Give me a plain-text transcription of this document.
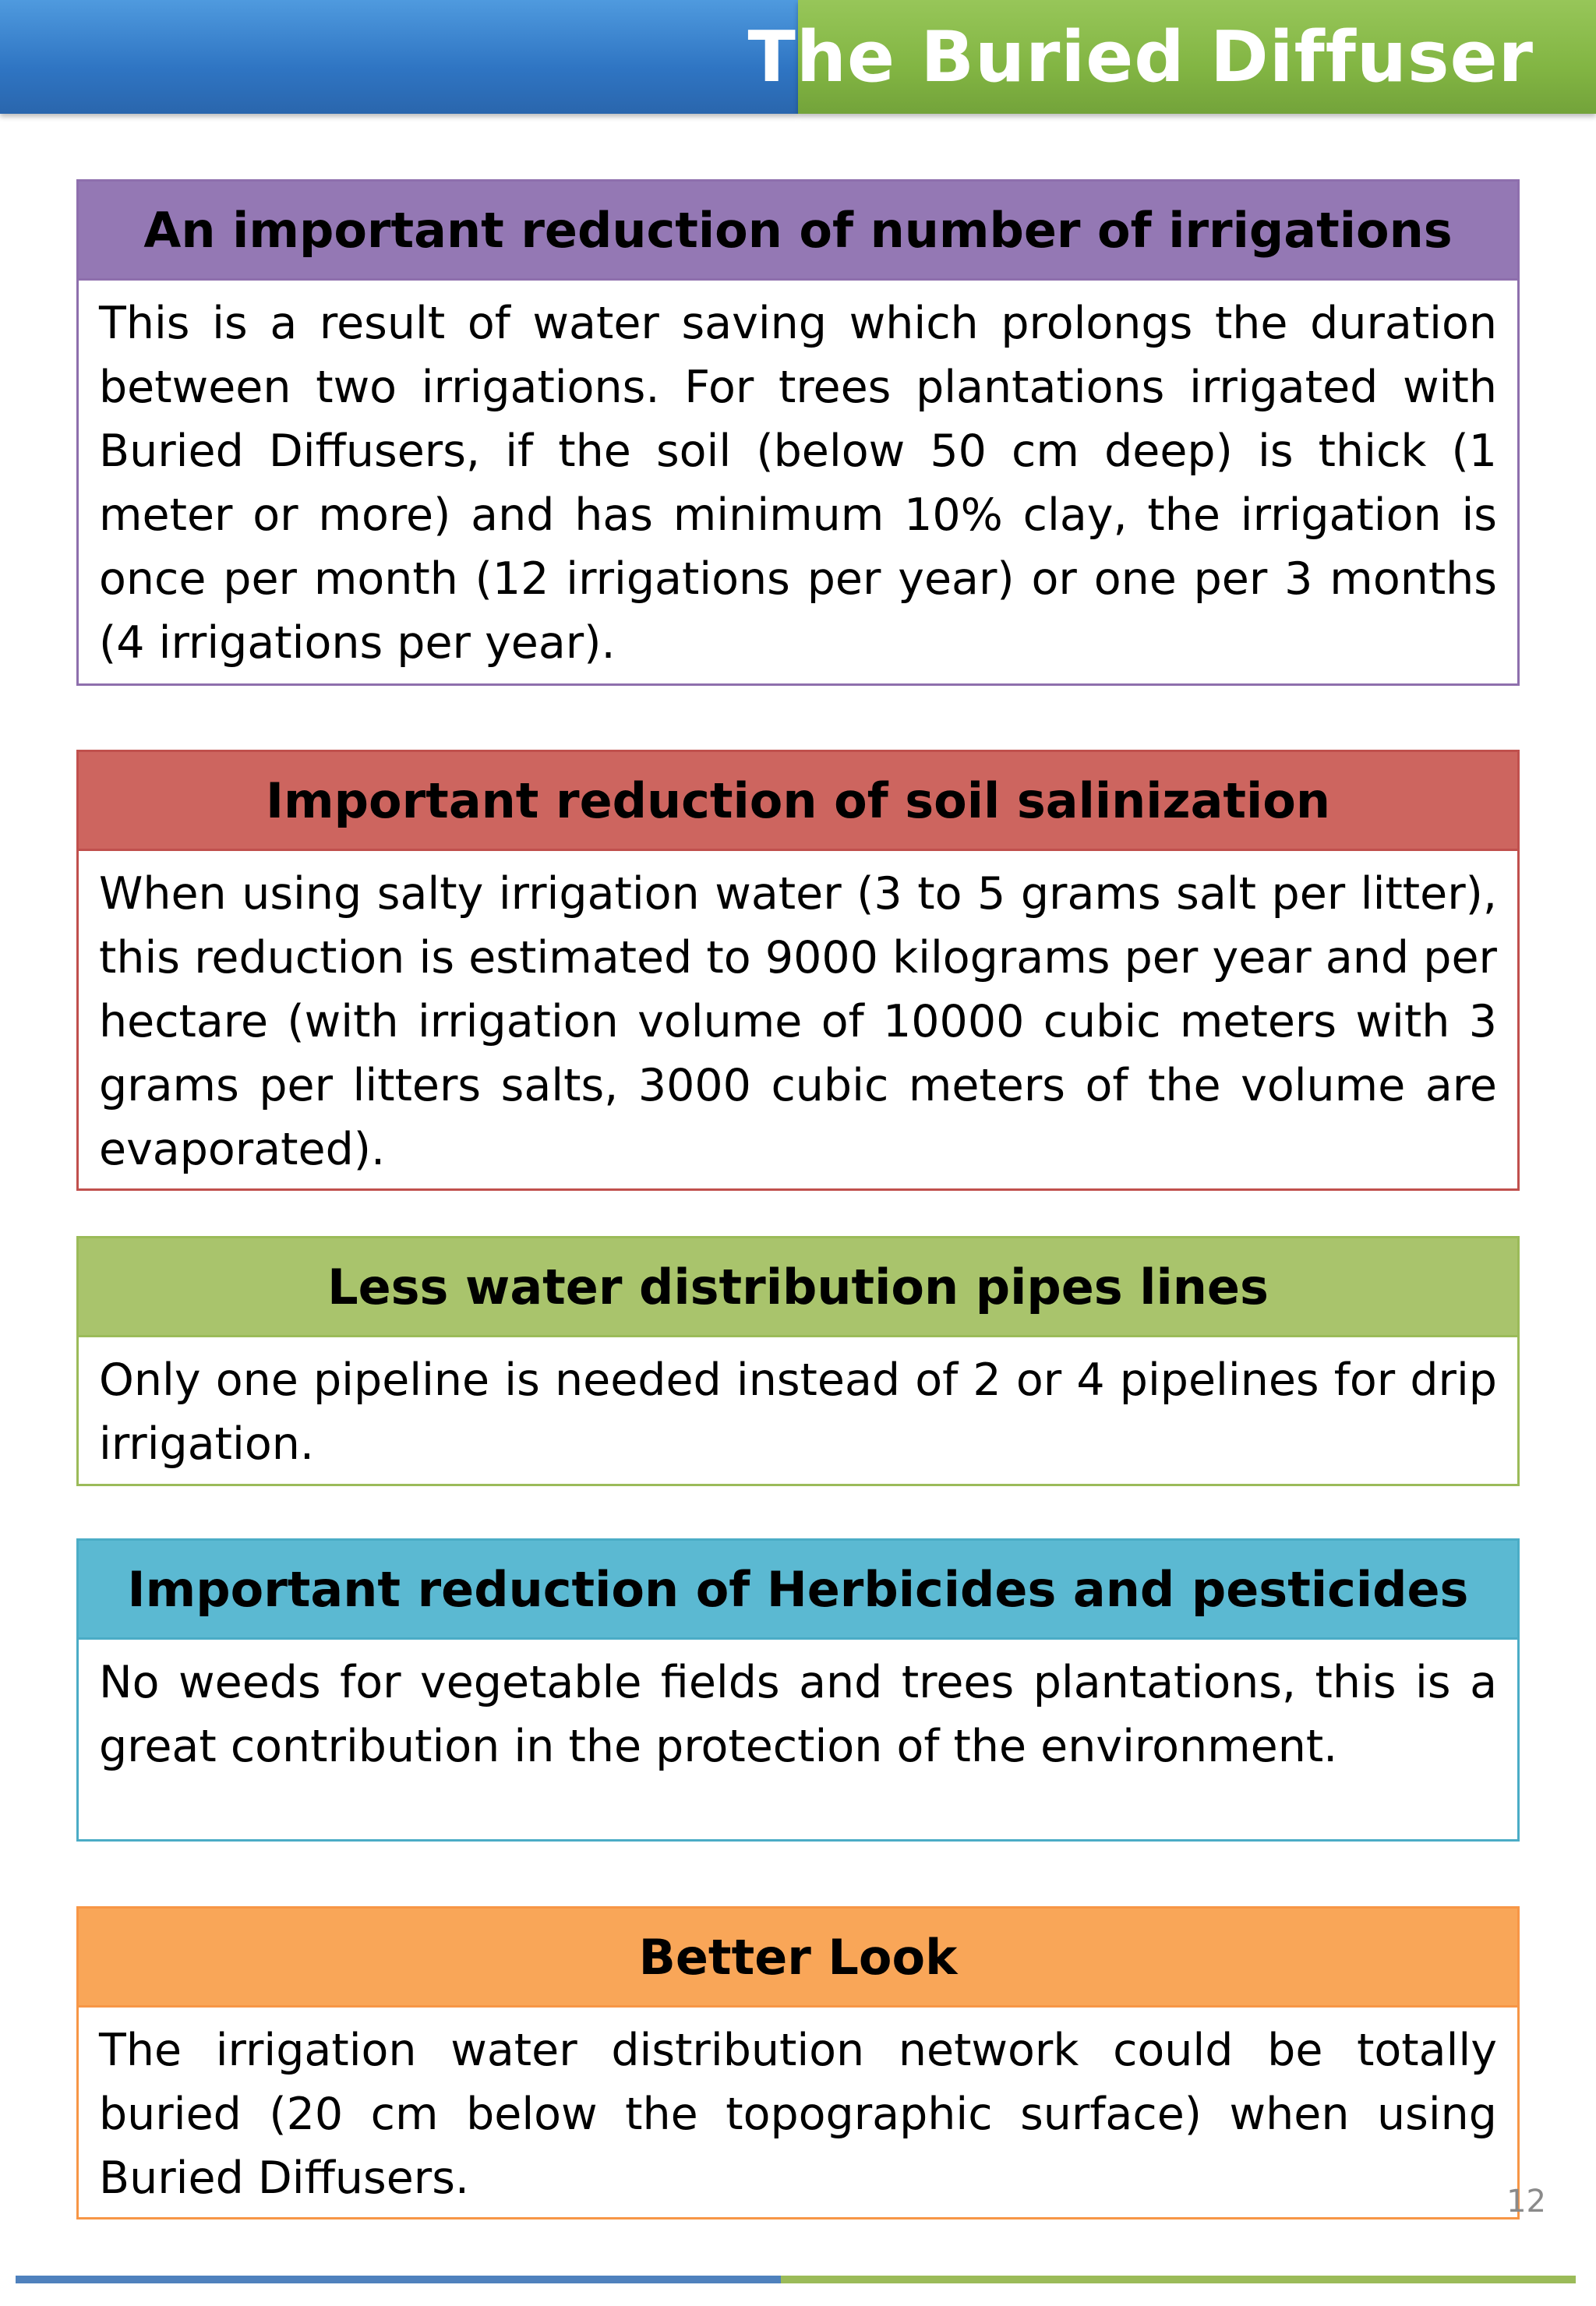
The Buried Diffuser
An important reduction of number of irrigations
This is a result of water saving which prolongs the duration between two irrigations. For trees plantations irrigated with Buried Diffusers, if the soil (below 50 cm deep) is thick (1 meter or more) and has minimum 10% clay, the irrigation is once per month (12 irrigations per year) or one per 3 months (4 irrigations per year).
Important reduction of soil salinization
When using salty irrigation water (3 to 5 grams salt per litter), this reduction is estimated to 9000 kilograms per year and per hectare (with irrigation volume of 10000 cubic meters with 3 grams per litters salts, 3000 cubic meters of the volume are evaporated).
Less water distribution pipes lines
Only one pipeline is needed instead of 2 or 4 pipelines for drip irrigation.
Important reduction of Herbicides and pesticides
No weeds for vegetable fields and trees plantations, this is a great contribution in the protection of the environment.
Better Look
The irrigation water distribution network could be totally buried (20 cm below the topographic surface) when using Buried Diffusers.	12
